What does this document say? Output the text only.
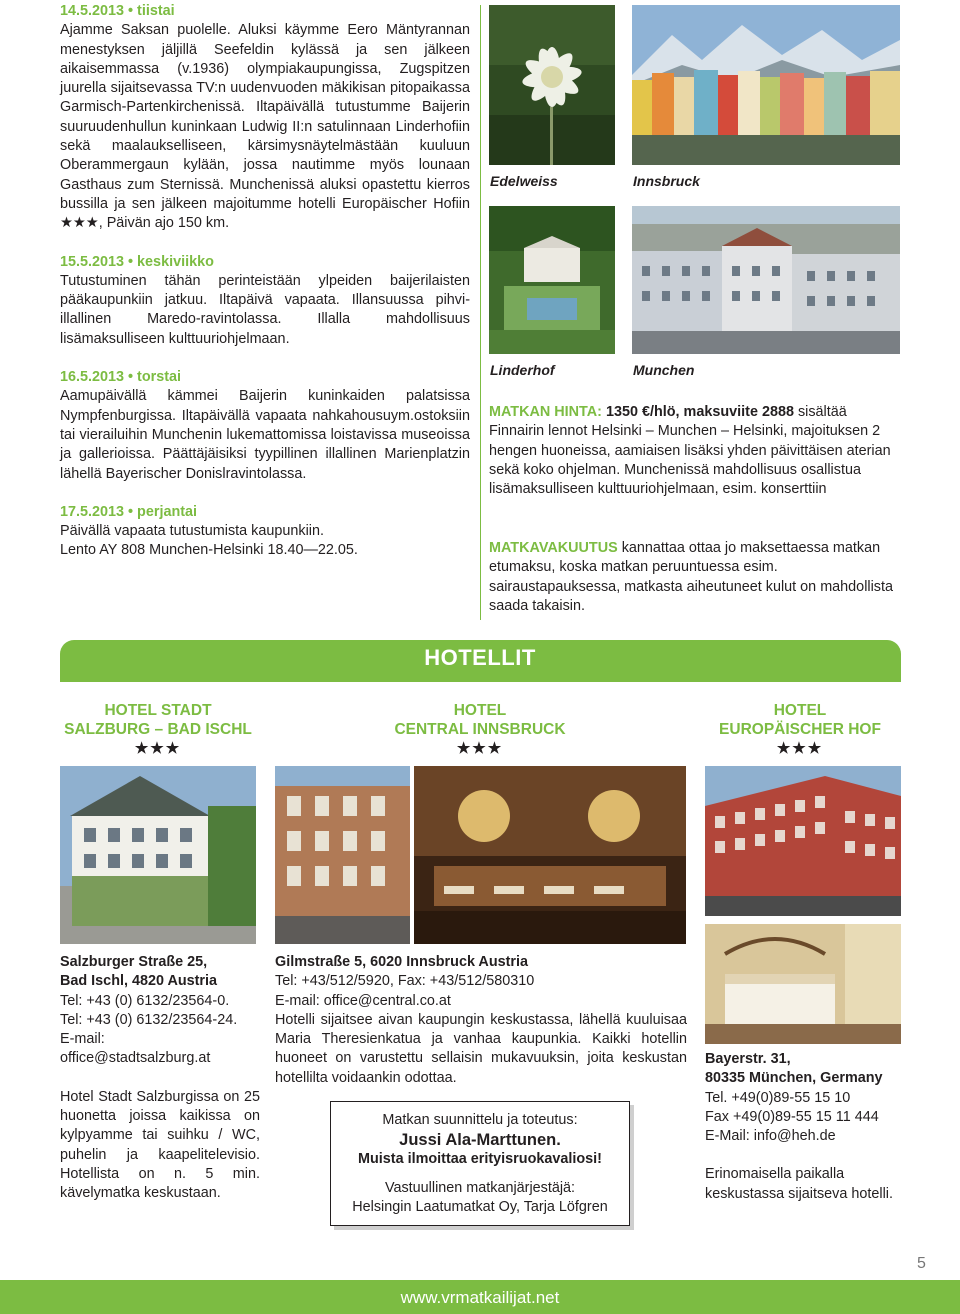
14.5.2013 • tiistai

Ajamme Saksan puolelle. Aluksi käymme Eero Mäntyrannan menestyksen jäljillä Seefeldin kylässä ja sen jälkeen aikaisemmassa (v.1936) olympiakaupungissa, Zugspitzen juurella sijaitsevassa TV:n uudenvuoden mäkikisan pitopaikassa Garmisch-Partenkirchenissä. Iltapäivällä tutustumme Baijerin suuruudenhullun kuninkaan Ludwig II:n satulinnaan Linderhofiin sekä maalaukselliseen, kärsimysnäytelmästään kuuluun Oberammergaun kylään, jossa nautimme myös lounaan Gasthaus zum Sternissä. Munchenissä aluksi opastettu kierros bussilla ja sen jälkeen majoitumme hotelli Europäischer Hofiin ★★★, Päivän ajo 150 km.

15.5.2013 • keskiviikko

Tutustuminen tähän perinteistään ylpeiden baijerilaisten pääkaupunkiin jatkuu. Iltapäivä vapaata. Illansuussa pihvi-illallinen Maredo-ravintolassa. Illalla mahdollisuus lisämaksulliseen kulttuuriohjelmaan.

16.5.2013 • torstai

Aamupäivällä kämmei Baijerin kuninkaiden palatsissa Nympfenburgissa. Iltapäivällä vapaata nahkahousuym.ostoksiin tai vierailuihin Munchenin lukemattomissa loistavissa museoissa ja gallerioissa. Päättäjäisiksi tyypillinen illallinen Marienplatzin lähellä Bayerischer Donislravintolassa.

17.5.2013 • perjantai

Päivällä vapaata tutustumista kaupunkiin.
Lento AY 808 Munchen-Helsinki 18.40—22.05.

Edelweiss	Innsbruck
Linderhof	Munchen

MATKAN HINTA: 1350 €/hlö, maksuviite 2888 sisältää Finnairin lennot Helsinki – Munchen – Helsinki, majoituksen 2 hengen huoneissa, aamiaisen lisäksi yhden päivittäisen aterian sekä koko ohjelman. Munchenissä mahdollisuus osallistua lisämaksulliseen kulttuuriohjelmaan, esim. konserttiin

MATKAVAKUUTUS kannattaa ottaa jo maksettaessa matkan etumaksu, koska matkan peruuntuessa esim. sairaustapauksessa, matkasta aiheutuneet kulut on mahdollista saada takaisin.

HOTELLIT
HOTEL STADT
SALZBURG – BAD ISCHL
★★★
Salzburger Straße 25,
Bad Ischl, 4820 Austria
Tel: +43 (0) 6132/23564-0.
Tel: +43 (0) 6132/23564-24.
E-mail:
office@stadtsalzburg.at
Hotel Stadt Salzburgissa on 25 huonetta joissa kaikissa on kylpyamme tai suihku / WC, puhelin ja kaapelitelevisio. Hotellista on n. 5 min. kävelymatka keskustaan.
HOTEL
CENTRAL INNSBRUCK
★★★
Gilmstraße 5, 6020 Innsbruck Austria
Tel: +43/512/5920, Fax: +43/512/580310
E-mail: office@central.co.at
Hotelli sijaitsee aivan kaupungin keskustassa, lähellä kuuluisaa Maria Theresienkatua ja vanhaa kaupunkia. Kaikki hotellin huoneet on varustettu sellaisin mukavuuksin, joita keskustan hotellilta voidaankin odottaa.
HOTEL
EUROPÄISCHER HOF
★★★
Bayerstr. 31,
80335 München, Germany
Tel. +49(0)89-55 15 10
Fax +49(0)89-55 15 11 444
E-Mail: info@heh.de
Erinomaisella paikalla keskustassa sijaitseva hotelli.
Matkan suunnittelu ja toteutus:
Jussi Ala-Marttunen.
Muista ilmoittaa erityisruokavaliosi!
Vastuullinen matkanjärjestäjä:
Helsingin Laatumatkat Oy, Tarja Löfgren
5
www.vrmatkailijat.net
